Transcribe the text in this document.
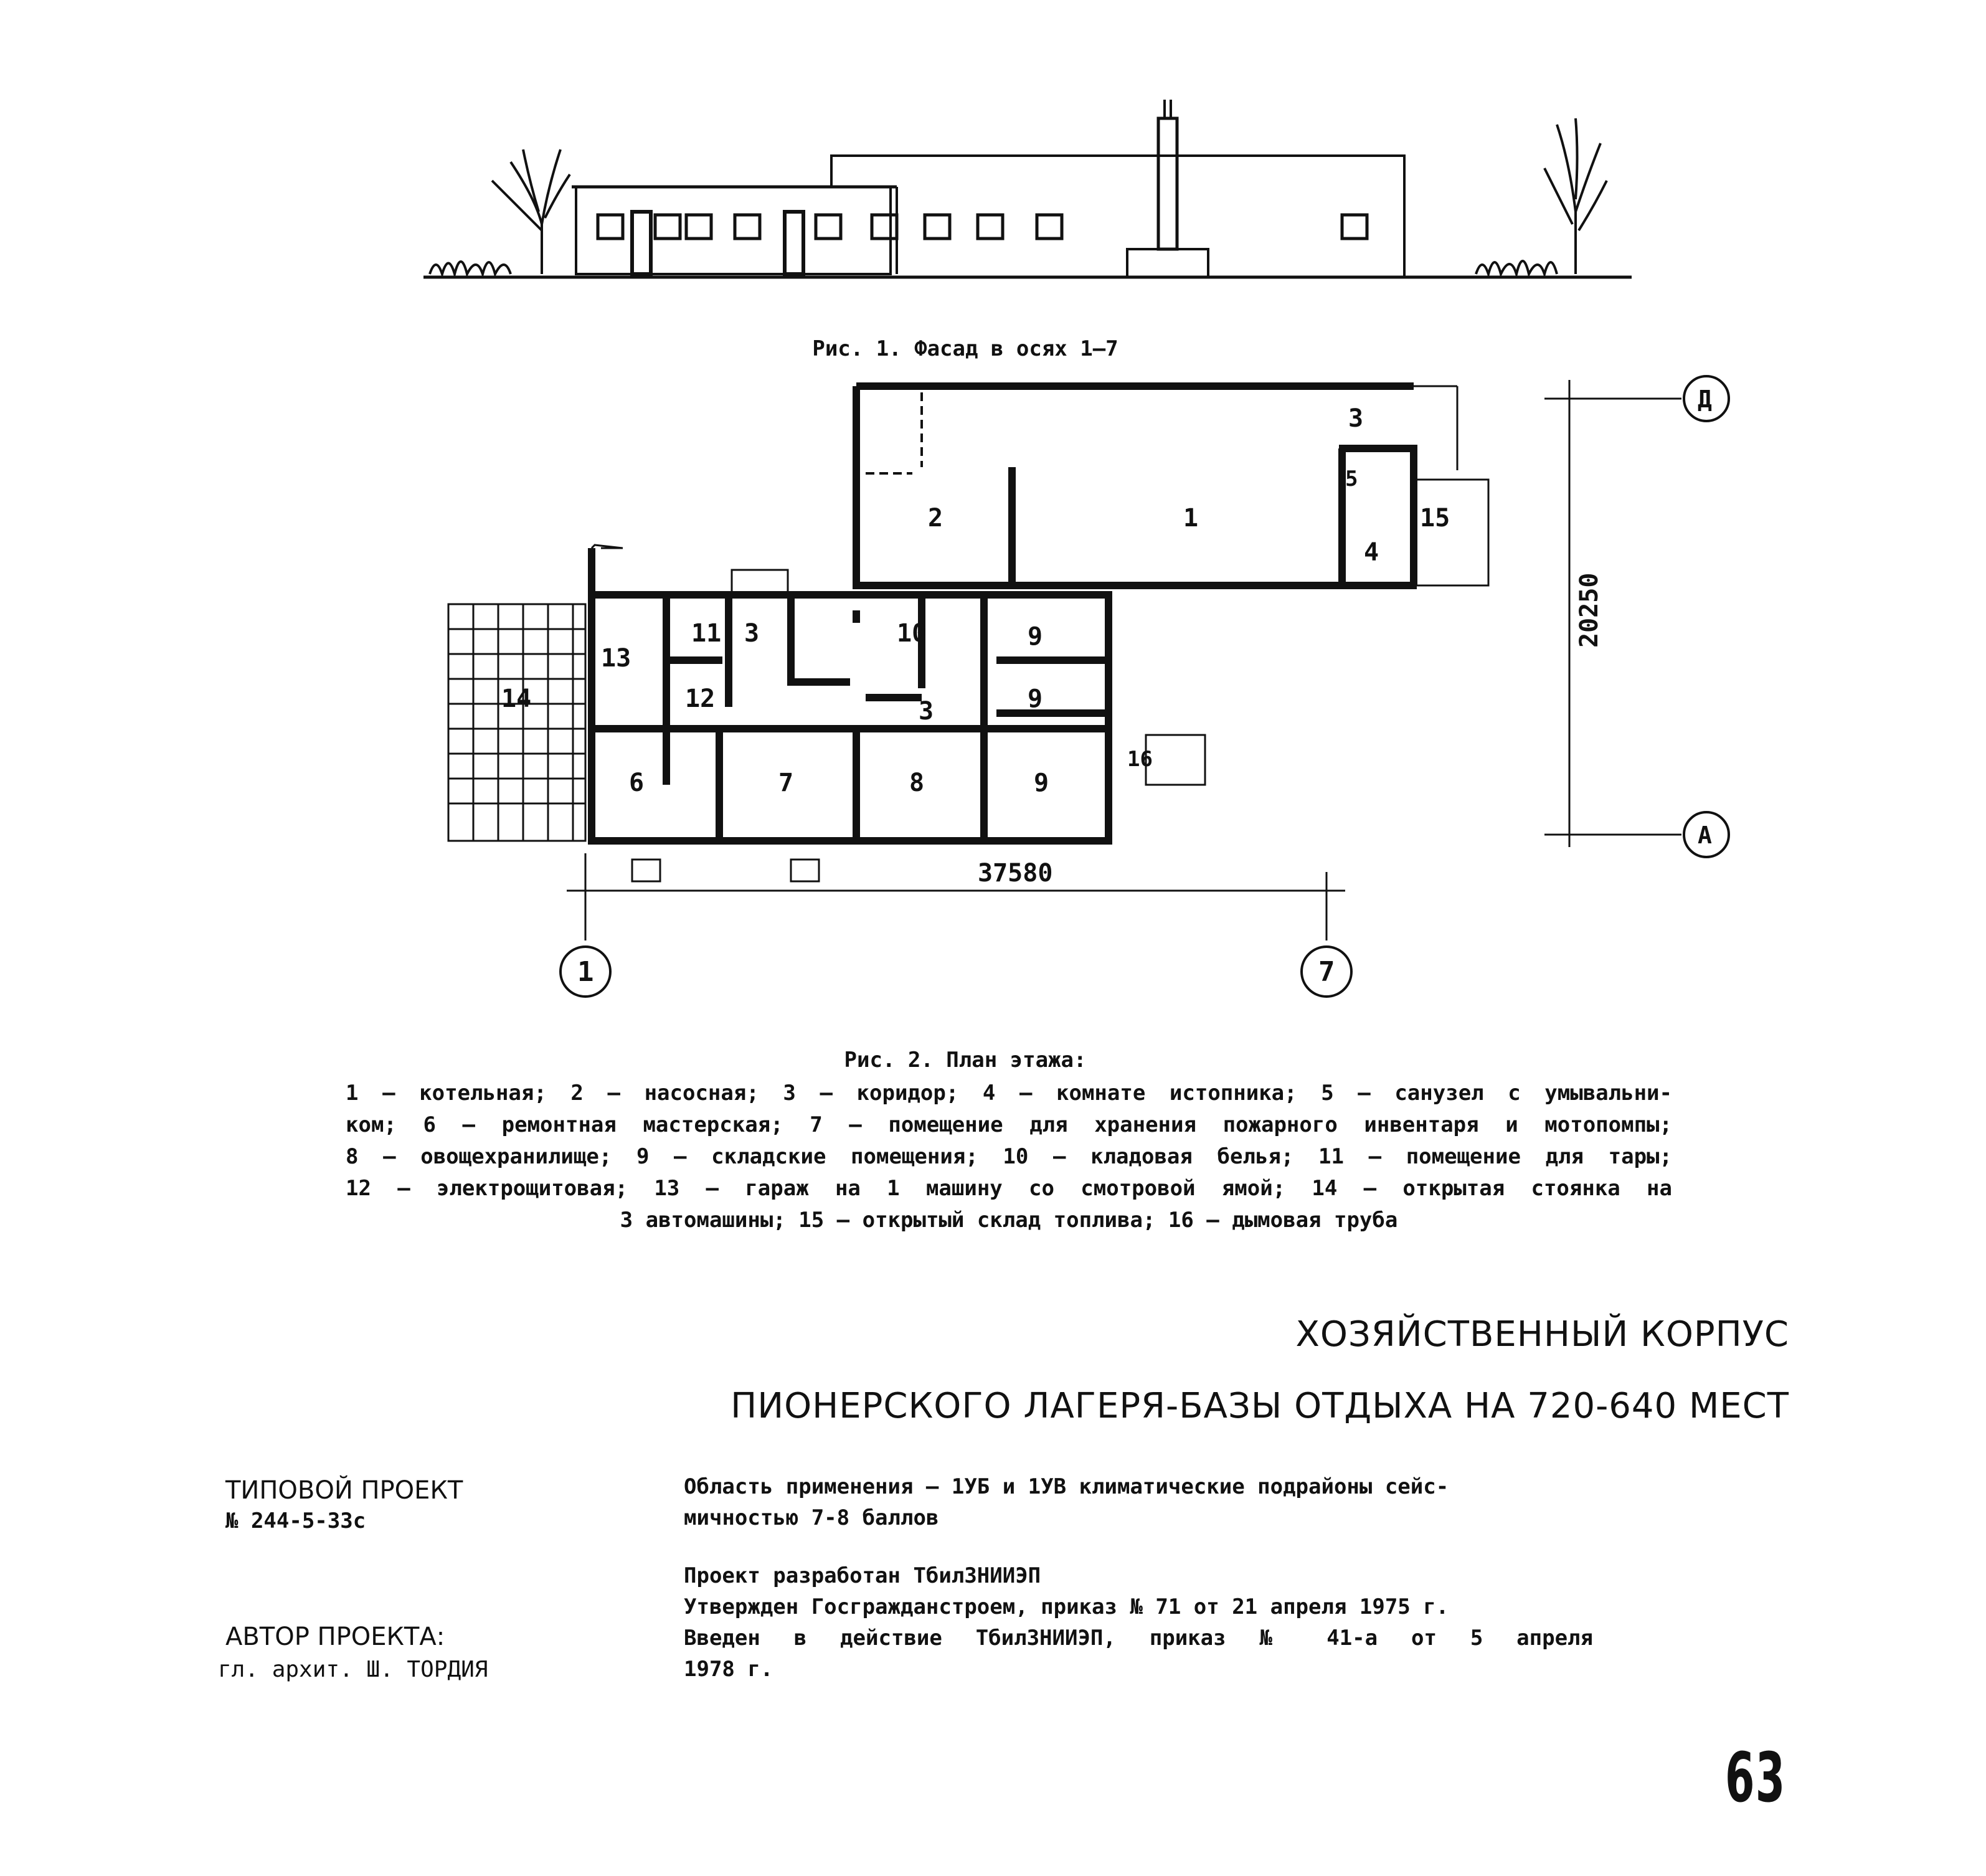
Рис. 1. Фасад в осях 1–7
2	1
3
5
4
15
16
11 3
12
13
14
10	9
9
3
6	7	8	9
37580
20250
1	7
Д
А
Рис. 2. План этажа:
1 – котельная; 2 – насосная; 3 – коридор; 4 – комнате истопника; 5 – санузел с умывальни-
ком; 6 – ремонтная мастерская; 7 – помещение для хранения пожарного инвентаря и мотопомпы;
8 – овощехранилище; 9 – складские помещения; 10 – кладовая белья; 11 – помещение для тары;
12 – электрощитовая; 13 – гараж на 1 машину со смотровой ямой; 14 – открытая стоянка на
3 автомашины; 15 – открытый склад топлива; 16 – дымовая труба
ХОЗЯЙСТВЕННЫЙ КОРПУС
ПИОНЕРСКОГО ЛАГЕРЯ-БАЗЫ ОТДЫХА НА 720-640 МЕСТ
ТИПОВОЙ ПРОЕКТ
№ 244-5-33с
АВТОР ПРОЕКТА:
гл. архит. Ш. ТОРДИЯ
Область применения – 1УБ и 1УВ климатические подрайоны сейс-
мичностью 7-8 баллов
Проект разработан ТбилЗНИИЭП
Утвержден Госгражданстроем, приказ № 71 от 21 апреля 1975 г.
Введен в действие ТбилЗНИИЭП, приказ № 41-а от 5 апреля
1978 г.
63
